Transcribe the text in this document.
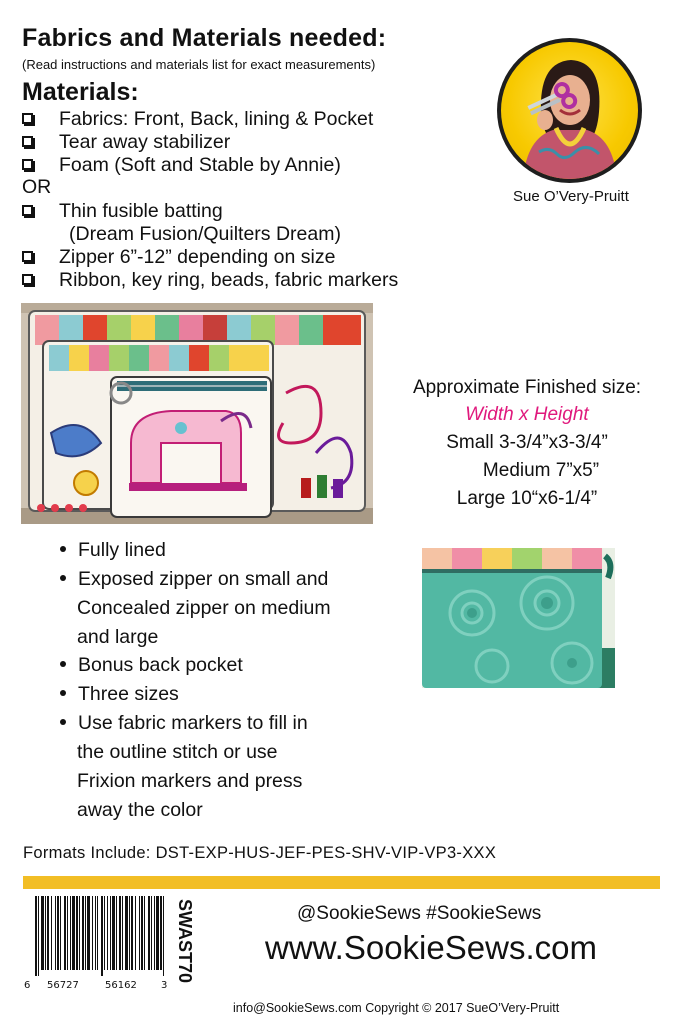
Fabrics and Materials needed:
(Read instructions and materials list for exact measurements)
Materials:
Fabrics: Front, Back, lining & Pocket
Tear away stabilizer
Foam (Soft and Stable by Annie)
OR
Thin fusible batting
(Dream Fusion/Quilters Dream)
Zipper 6”-12” depending on size
Ribbon, key ring, beads, fabric markers
Sue O’Very-Pruitt
Approximate Finished size:
Width x Height
Small 3-3/4”x3-3/4”
Medium 7”x5”
Large 10“x6-1/4”
Fully lined
Exposed zipper on small and
Concealed zipper on medium
and large
Bonus back pocket
Three sizes
Use fabric markers to fill in
the outline stitch or use
Frixion markers and press
away the color
Formats Include: DST-EXP-HUS-JEF-PES-SHV-VIP-VP3-XXX
6 56727	56162 3
SWAST70	@SookieSews #SookieSews
www.SookieSews.com
info@SookieSews.com Copyright © 2017 SueO’Very-Pruitt
